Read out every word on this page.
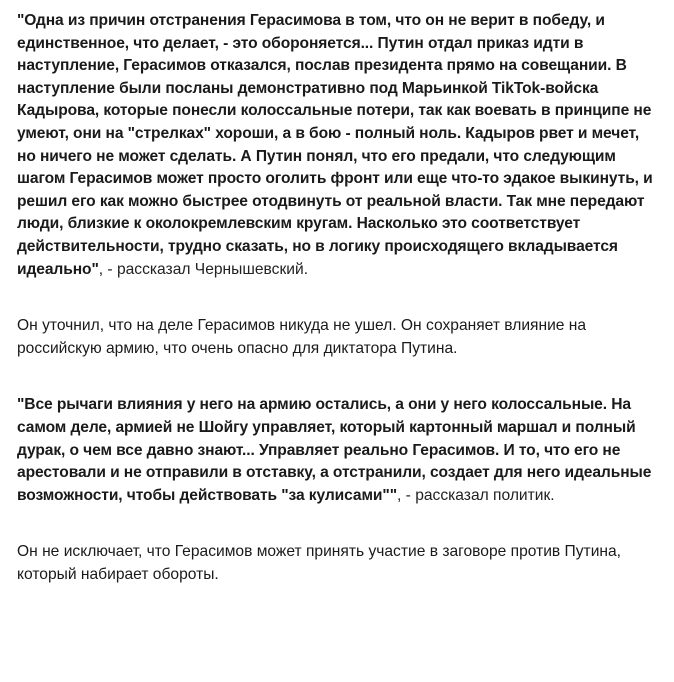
"Одна из причин отстранения Герасимова в том, что он не верит в победу, и единственное, что делает, - это обороняется... Путин отдал приказ идти в наступление, Герасимов отказался, послав президента прямо на совещании. В наступление были посланы демонстративно под Марьинкой TikTok-войска Кадырова, которые понесли колоссальные потери, так как воевать в принципе не умеют, они на "стрелках" хороши, а в бою - полный ноль. Кадыров рвет и мечет, но ничего не может сделать. А Путин понял, что его предали, что следующим шагом Герасимов может просто оголить фронт или еще что-то эдакое выкинуть, и решил его как можно быстрее отодвинуть от реальной власти. Так мне передают люди, близкие к околокремлевским кругам. Насколько это соответствует действительности, трудно сказать, но в логику происходящего вкладывается идеально", - рассказал Чернышевский.

Он уточнил, что на деле Герасимов никуда не ушел. Он сохраняет влияние на российскую армию, что очень опасно для диктатора Путина.

"Все рычаги влияния у него на армию остались, а они у него колоссальные. На самом деле, армией не Шойгу управляет, который картонный маршал и полный дурак, о чем все давно знают... Управляет реально Герасимов. И то, что его не арестовали и не отправили в отставку, а отстранили, создает для него идеальные возможности, чтобы действовать "за кулисами"", - рассказал политик.

Он не исключает, что Герасимов может принять участие в заговоре против Путина, который набирает обороты.
